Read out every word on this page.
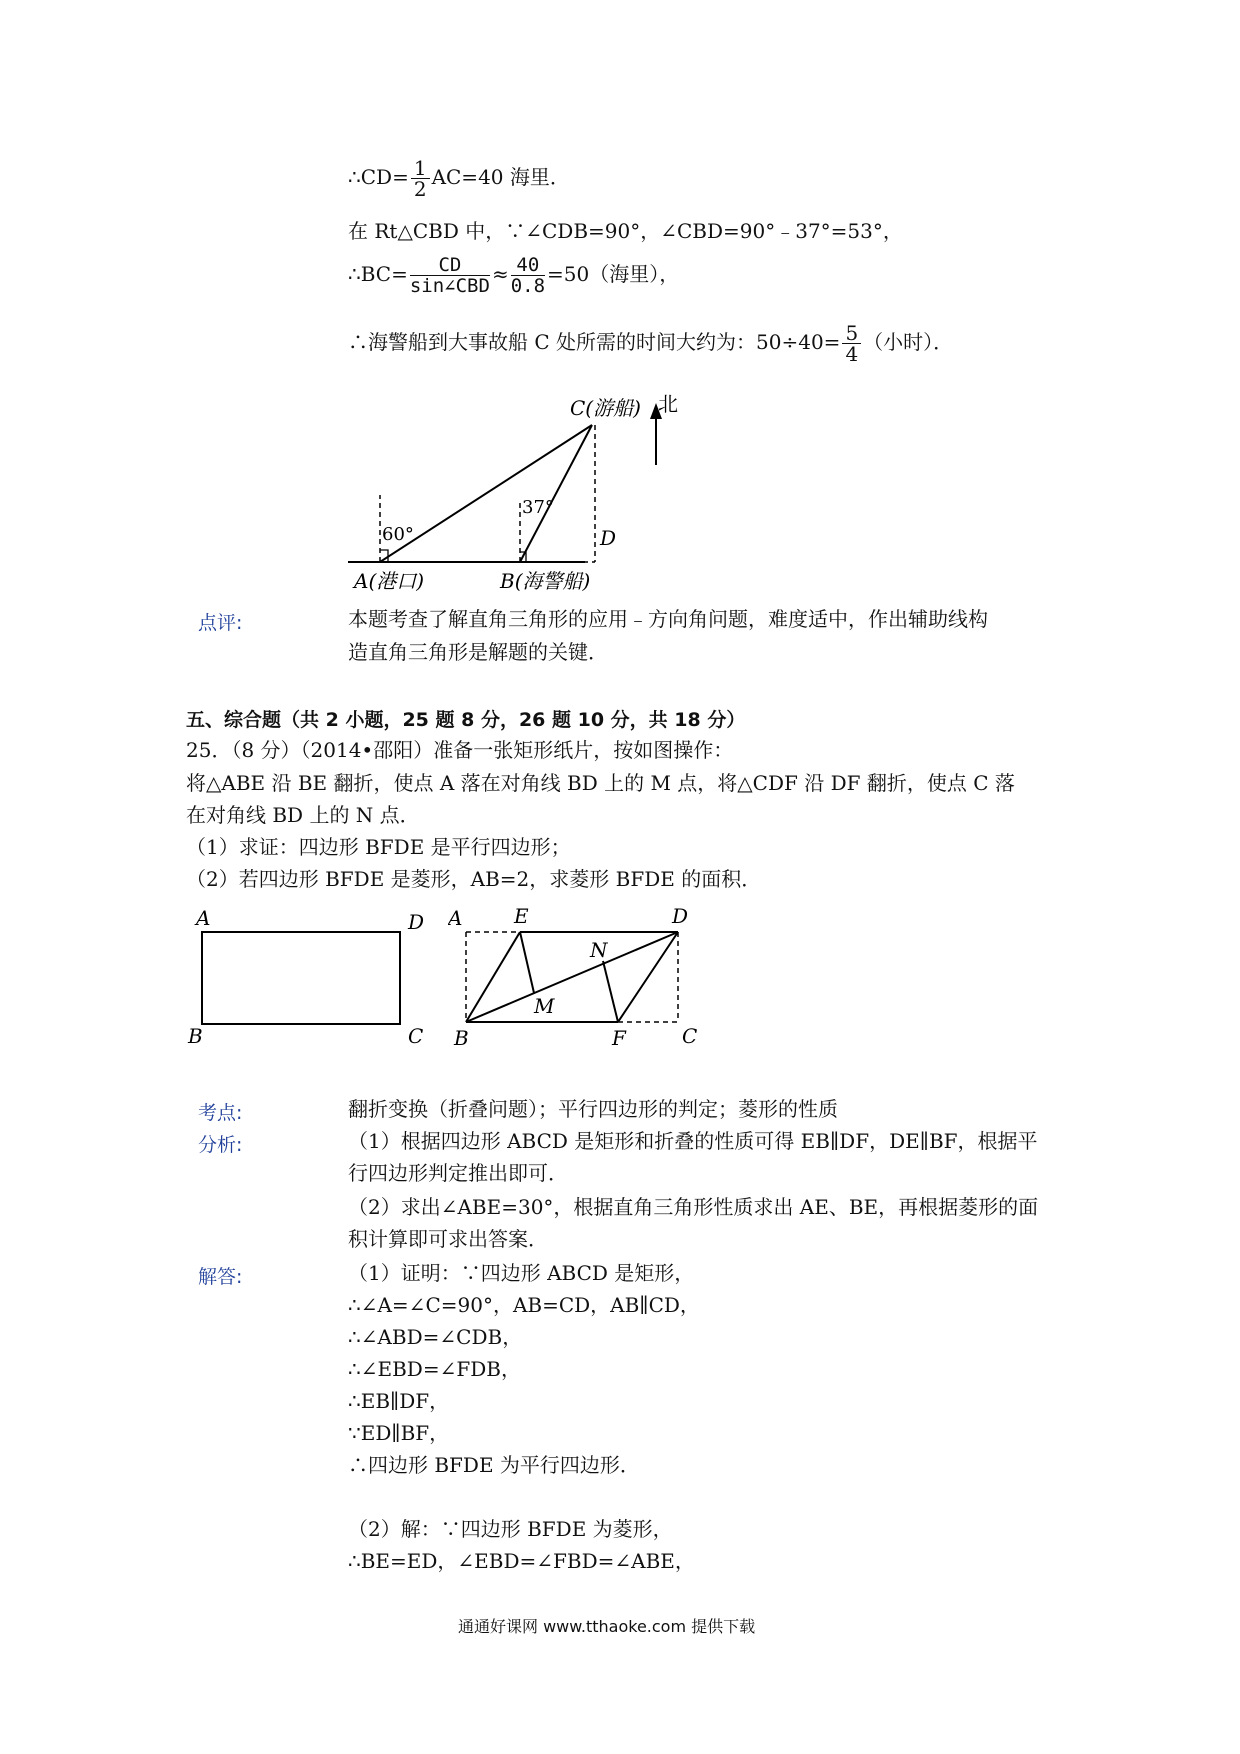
∴CD= $\frac{1}{2} AC=40$ 海里．
在 Rt△CBD 中，∵∠CDB=90°，∠CBD=90°﹣37°=53°，
∴BC= $\frac{CD}{\text{sin∠CBD}} \approx \frac{40}{0.8} =50$（海里），
∴海警船到大事故船 C 处所需的时间大约为：$50\div 40= \frac{5}{4}$ （小时）．
北
C(游船)
60°
37°
D
A(港口)	B(海警船)
点评:	本题考查了解直角三角形的应用﹣方向角问题，难度适中，作出辅助线构
造直角三角形是解题的关键．
五、综合题（共 2 小题，25 题 8 分，26 题 10 分，共 18 分）
25．（8 分）（2014•邵阳）准备一张矩形纸片，按如图操作：
将△ABE 沿 BE 翻折，使点 A 落在对角线 BD 上的 M 点，将△CDF 沿 DF 翻折，使点 C 落
在对角线 BD 上的 N 点．
（1）求证：四边形 BFDE 是平行四边形；
（2）若四边形 BFDE 是菱形，AB=2，求菱形 BFDE 的面积．
A
B	C
D A	E	D
N
M
B	F	C
考点:	翻折变换（折叠问题）；平行四边形的判定；菱形的性质
分析:	（1）根据四边形 ABCD 是矩形和折叠的性质可得 EB∥DF，DE∥BF，根据平
行四边形判定推出即可．
（2）求出∠ABE=30°，根据直角三角形性质求出 AE、BE，再根据菱形的面
积计算即可求出答案．
解答:	（1）证明：∵四边形 ABCD 是矩形，
∴∠A=∠C=90°，AB=CD，AB∥CD，
∴∠ABD=∠CDB，
∴∠EBD=∠FDB，
∴EB∥DF，
∵ED∥BF，
∴四边形 BFDE 为平行四边形．
（2）解：∵四边形 BFDE 为菱形，
∴BE=ED，∠EBD=∠FBD=∠ABE，
通通好课网 www.tthaoke.com 提供下载
